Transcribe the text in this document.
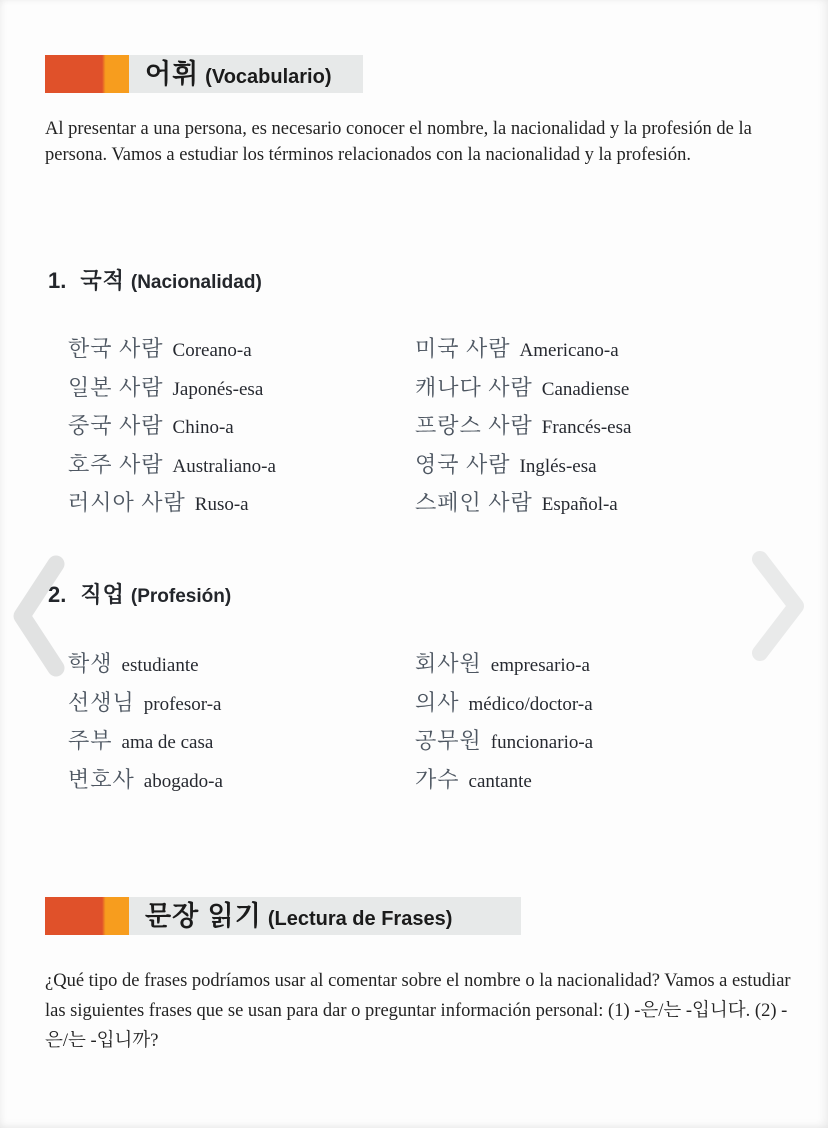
어휘 (Vocabulario)

Al presentar a una persona, es necesario conocer el nombre, la nacionalidad y la profesión de la persona. Vamos a estudiar los términos relacionados con la nacionalidad y la profesión.

1. 국적 (Nacionalidad)
한국 사람 Coreano-a
일본 사람 Japonés-esa
중국 사람 Chino-a
호주 사람 Australiano-a
러시아 사람 Ruso-a
미국 사람 Americano-a
캐나다 사람 Canadiense
프랑스 사람 Francés-esa
영국 사람 Inglés-esa
스페인 사람 Español-a
2. 직업 (Profesión)
학생 estudiante
선생님 profesor-a
주부 ama de casa
변호사 abogado-a
회사원 empresario-a
의사 médico/doctor-a
공무원 funcionario-a
가수 cantante
문장 읽기 (Lectura de Frases)

¿Qué tipo de frases podríamos usar al comentar sobre el nombre o la nacionalidad? Vamos a estudiar las siguientes frases que se usan para dar o preguntar información personal: (1) -은/는 -입니다. (2) -은/는 -입니까?
